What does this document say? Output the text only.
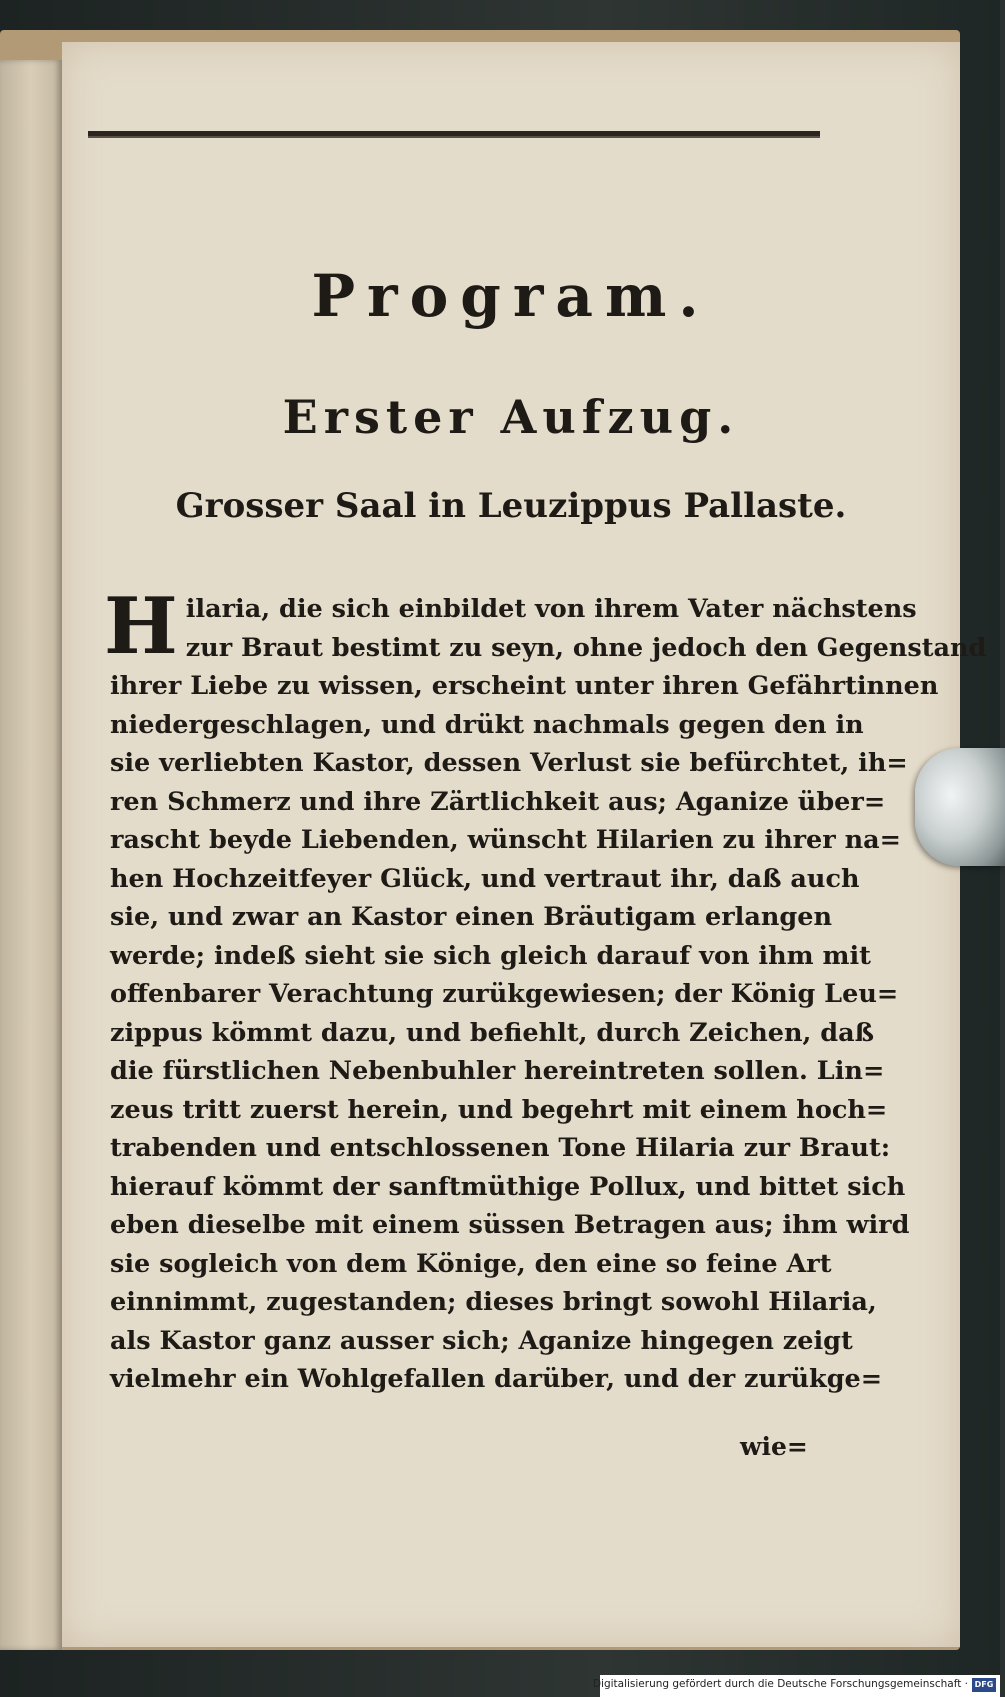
Program.
Erster Aufzug.
Grosser Saal in Leuzippus Pallaste.
H ilaria, die sich einbildet von ihrem Vater nächstens
zur Braut bestimt zu seyn, ohne jedoch den Gegenstand
ihrer Liebe zu wissen, erscheint unter ihren Gefährtinnen
niedergeschlagen, und drükt nachmals gegen den in
sie verliebten Kastor, dessen Verlust sie befürchtet, ih=
ren Schmerz und ihre Zärtlichkeit aus; Aganize über=
rascht beyde Liebenden, wünscht Hilarien zu ihrer na=
hen Hochzeitfeyer Glück, und vertraut ihr, daß auch
sie, und zwar an Kastor einen Bräutigam erlangen
werde; indeß sieht sie sich gleich darauf von ihm mit
offenbarer Verachtung zurükgewiesen; der König Leu=
zippus kömmt dazu, und befiehlt, durch Zeichen, daß
die fürstlichen Nebenbuhler hereintreten sollen. Lin=
zeus tritt zuerst herein, und begehrt mit einem hoch=
trabenden und entschlossenen Tone Hilaria zur Braut:
hierauf kömmt der sanftmüthige Pollux, und bittet sich
eben dieselbe mit einem süssen Betragen aus; ihm wird
sie sogleich von dem Könige, den eine so feine Art
einnimmt, zugestanden; dieses bringt sowohl Hilaria,
als Kastor ganz ausser sich; Aganize hingegen zeigt
vielmehr ein Wohlgefallen darüber, und der zurükge=
wie=
Digitalisierung gefördert durch die Deutsche Forschungsgemeinschaft · DFG
